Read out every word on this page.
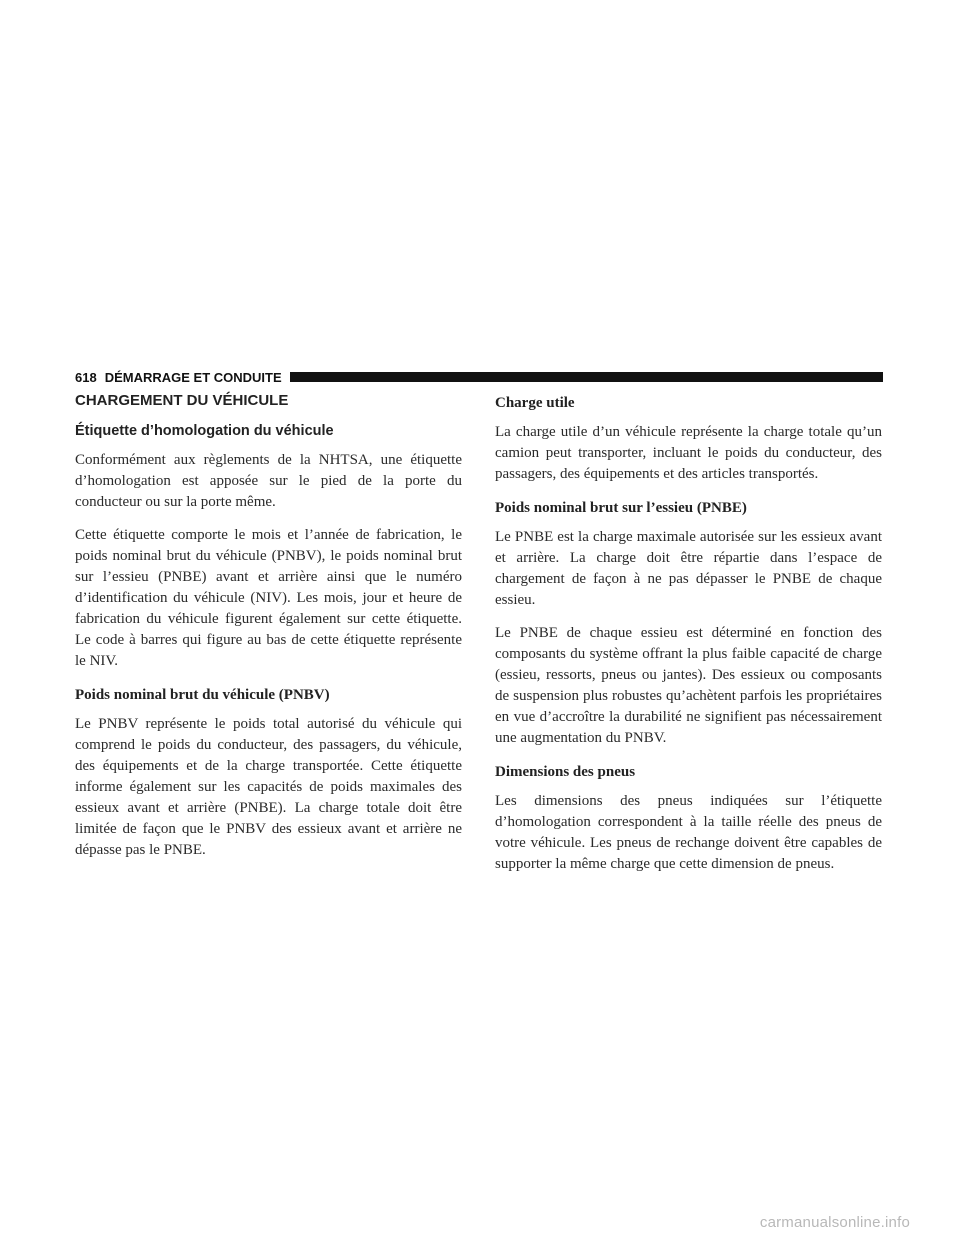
618 DÉMARRAGE ET CONDUITE
CHARGEMENT DU VÉHICULE
Étiquette d’homologation du véhicule

Conformément aux règlements de la NHTSA, une étiquette d’homologation est apposée sur le pied de la porte du conducteur ou sur la porte même.

Cette étiquette comporte le mois et l’année de fabrication, le poids nominal brut du véhicule (PNBV), le poids nominal brut sur l’essieu (PNBE) avant et arrière ainsi que le numéro d’identification du véhicule (NIV). Les mois, jour et heure de fabrication du véhicule figurent également sur cette étiquette. Le code à barres qui figure au bas de cette étiquette représente le NIV.

Poids nominal brut du véhicule (PNBV)

Le PNBV représente le poids total autorisé du véhicule qui comprend le poids du conducteur, des passagers, du véhicule, des équipements et de la charge transportée. Cette étiquette informe également sur les capacités de poids maximales des essieux avant et arrière (PNBE). La charge totale doit être limitée de façon que le PNBV des essieux avant et arrière ne dépasse pas le PNBE.

Charge utile

La charge utile d’un véhicule représente la charge totale qu’un camion peut transporter, incluant le poids du conducteur, des passagers, des équipements et des articles transportés.

Poids nominal brut sur l’essieu (PNBE)

Le PNBE est la charge maximale autorisée sur les essieux avant et arrière. La charge doit être répartie dans l’espace de chargement de façon à ne pas dépasser le PNBE de chaque essieu.

Le PNBE de chaque essieu est déterminé en fonction des composants du système offrant la plus faible capacité de charge (essieu, ressorts, pneus ou jantes). Des essieux ou composants de suspension plus robustes qu’achètent parfois les propriétaires en vue d’accroître la durabilité ne signifient pas nécessairement une augmentation du PNBV.

Dimensions des pneus

Les dimensions des pneus indiquées sur l’étiquette d’homologation correspondent à la taille réelle des pneus de votre véhicule. Les pneus de rechange doivent être capables de supporter la même charge que cette dimension de pneus.

carmanualsonline.info
